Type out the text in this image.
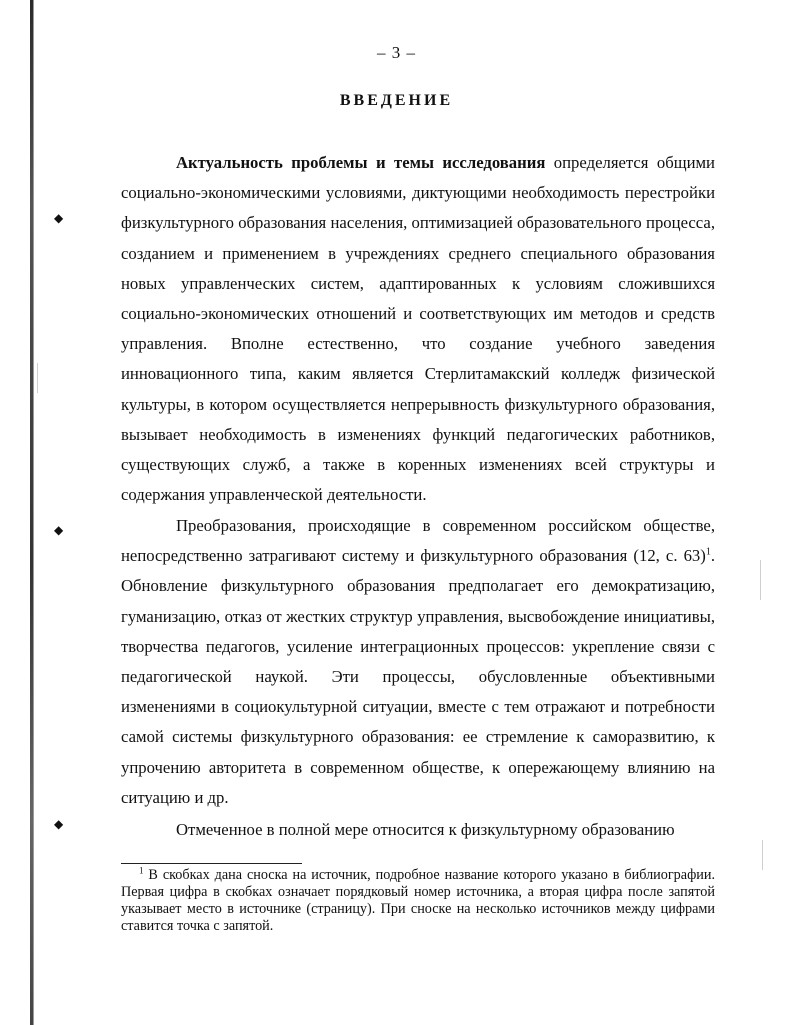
◆
◆
◆
– 3 –
ВВЕДЕНИЕ

Актуальность проблемы и темы исследования определяется общими социально-экономическими условиями, диктующими необходимость перестройки физкультурного образования населения, оптимизацией образовательного процесса, созданием и применением в учреждениях среднего специального образования новых управленческих систем, адаптированных к условиям сложившихся социально-экономических отношений и соответствующих им методов и средств управления. Вполне естественно, что создание учебного заведения инновационного типа, каким является Стерлитамакский колледж физической культуры, в котором осуществляется непрерывность физкультурного образования, вызывает необходимость в изменениях функций педагогических работников, существующих служб, а также в коренных изменениях всей структуры и содержания управленческой деятельности.

Преобразования, происходящие в современном российском обществе, непосредственно затрагивают систему и физкультурного образования (12, с. 63)$^1$. Обновление физкультурного образования предполагает его демократизацию, гуманизацию, отказ от жестких структур управления, высвобождение инициативы, творчества педагогов, усиление интеграционных процессов: укрепление связи с педагогической наукой. Эти процессы, обусловленные объективными изменениями в социокультурной ситуации, вместе с тем отражают и потребности самой системы физкультурного образования: ее стремление к саморазвитию, к упрочению авторитета в современном обществе, к опережающему влиянию на ситуацию и др.

Отмеченное в полной мере относится к физкультурному образованию

$^1$ В скобках дана сноска на источник, подробное название которого указано в библиографии. Первая цифра в скобках означает порядковый номер источника, а вторая цифра после запятой указывает место в источнике (страницу). При сноске на несколько источников между цифрами ставится точка с запятой.
